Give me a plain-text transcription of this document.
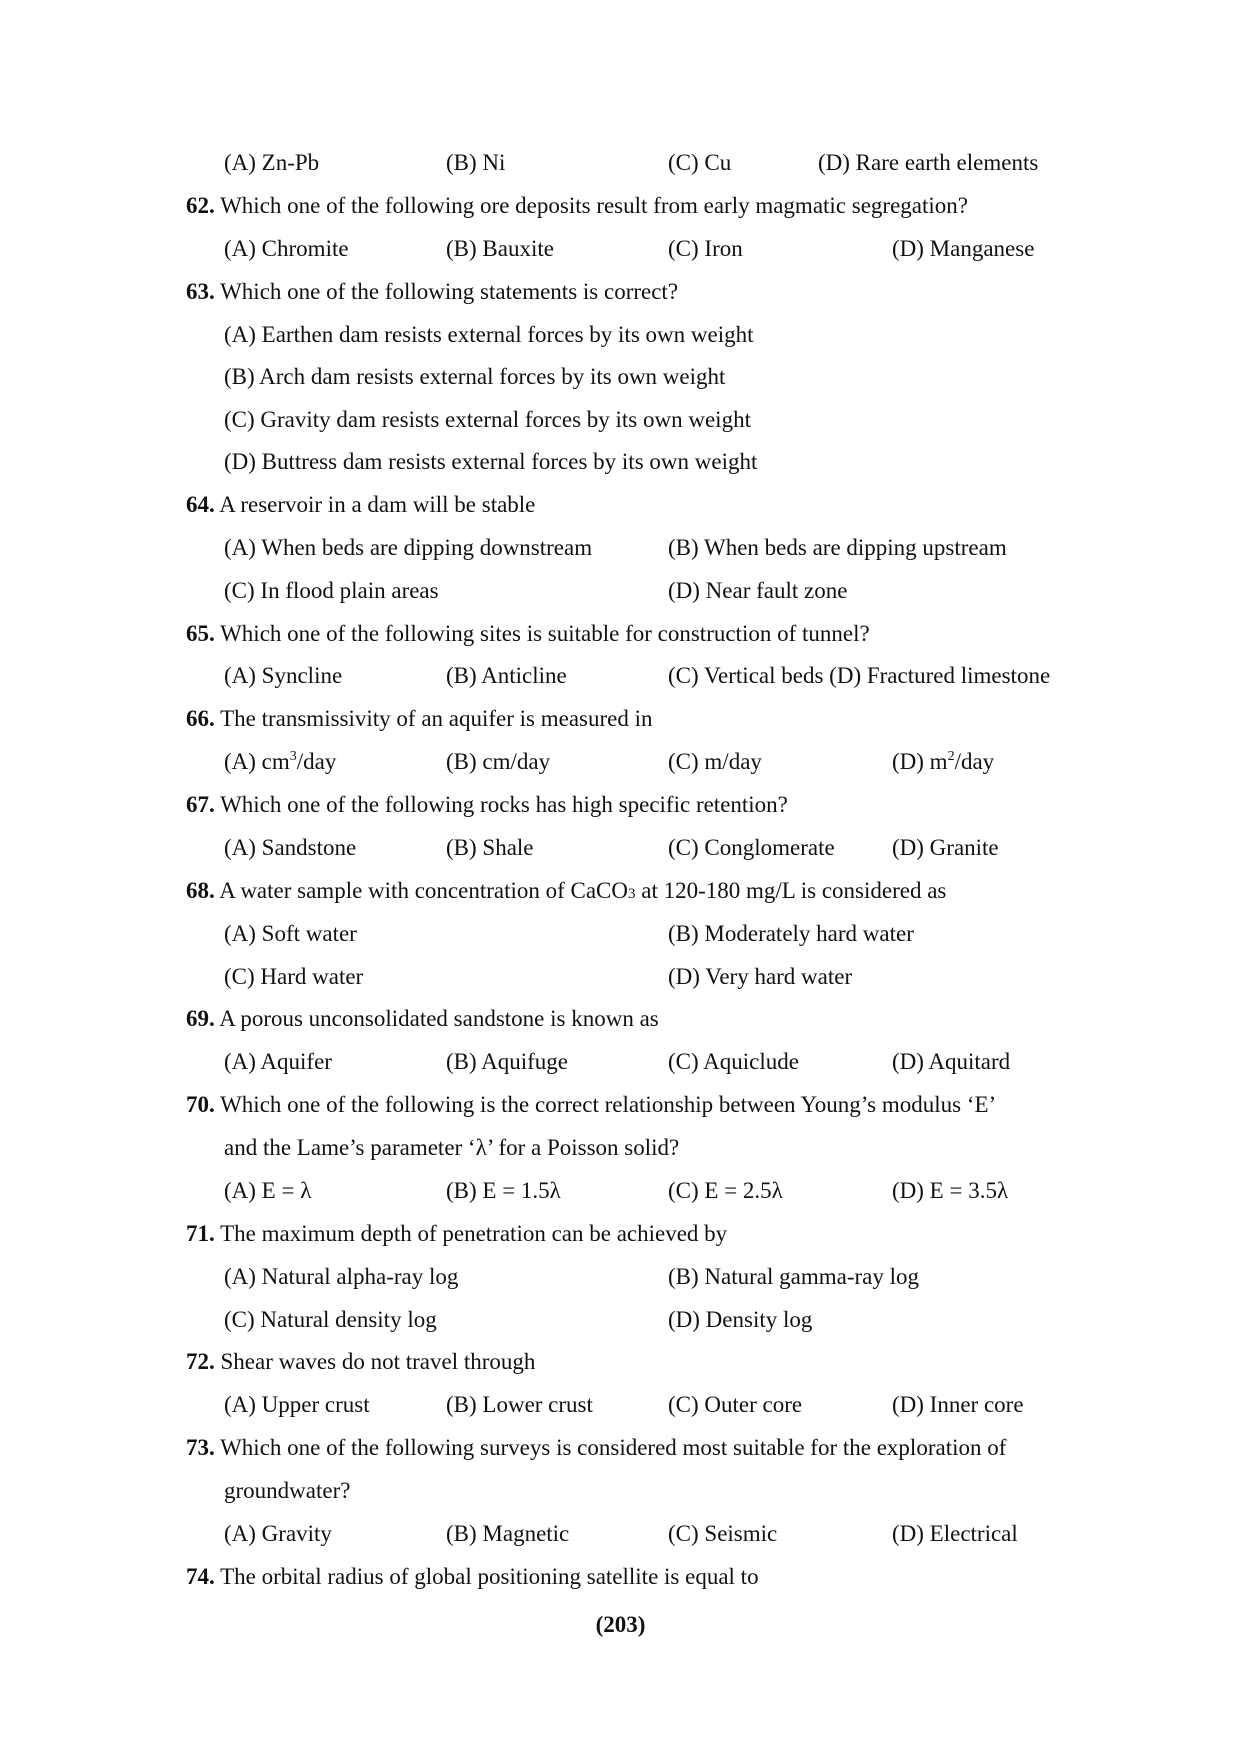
(A) Zn-Pb	(B) Ni	(C) Cu	(D) Rare earth elements
62. Which one of the following ore deposits result from early magmatic segregation?
(A) Chromite	(B) Bauxite	(C) Iron	(D) Manganese
63. Which one of the following statements is correct?
(A) Earthen dam resists external forces by its own weight
(B) Arch dam resists external forces by its own weight
(C) Gravity dam resists external forces by its own weight
(D) Buttress dam resists external forces by its own weight
64. A reservoir in a dam will be stable
(A) When beds are dipping downstream	(B) When beds are dipping upstream
(C) In flood plain areas	(D) Near fault zone
65. Which one of the following sites is suitable for construction of tunnel?
(A) Syncline	(B) Anticline	(C) Vertical beds (D) Fractured limestone
66. The transmissivity of an aquifer is measured in
(A) $cm^3$/day	(B) cm/day	(C) m/day	(D) $m^2$/day
67. Which one of the following rocks has high specific retention?
(A) Sandstone	(B) Shale	(C) Conglomerate (D) Granite
68. A water sample with concentration of CaCO$_3$ at 120-180 mg/L is considered as
(A) Soft water	(B) Moderately hard water
(C) Hard water	(D) Very hard water
69. A porous unconsolidated sandstone is known as
(A) Aquifer	(B) Aquifuge	(C) Aquiclude	(D) Aquitard
70. Which one of the following is the correct relationship between Young’s modulus ‘E’
and the Lame’s parameter ‘λ’ for a Poisson solid?
(A) E = λ	(B) E = 1.5λ	(C) E = 2.5λ	(D) E = 3.5λ
71. The maximum depth of penetration can be achieved by
(A) Natural alpha-ray log	(B) Natural gamma-ray log
(C) Natural density log	(D) Density log
72. Shear waves do not travel through
(A) Upper crust	(B) Lower crust	(C) Outer core	(D) Inner core
73. Which one of the following surveys is considered most suitable for the exploration of
groundwater?
(A) Gravity	(B) Magnetic	(C) Seismic	(D) Electrical
74. The orbital radius of global positioning satellite is equal to
(203)
